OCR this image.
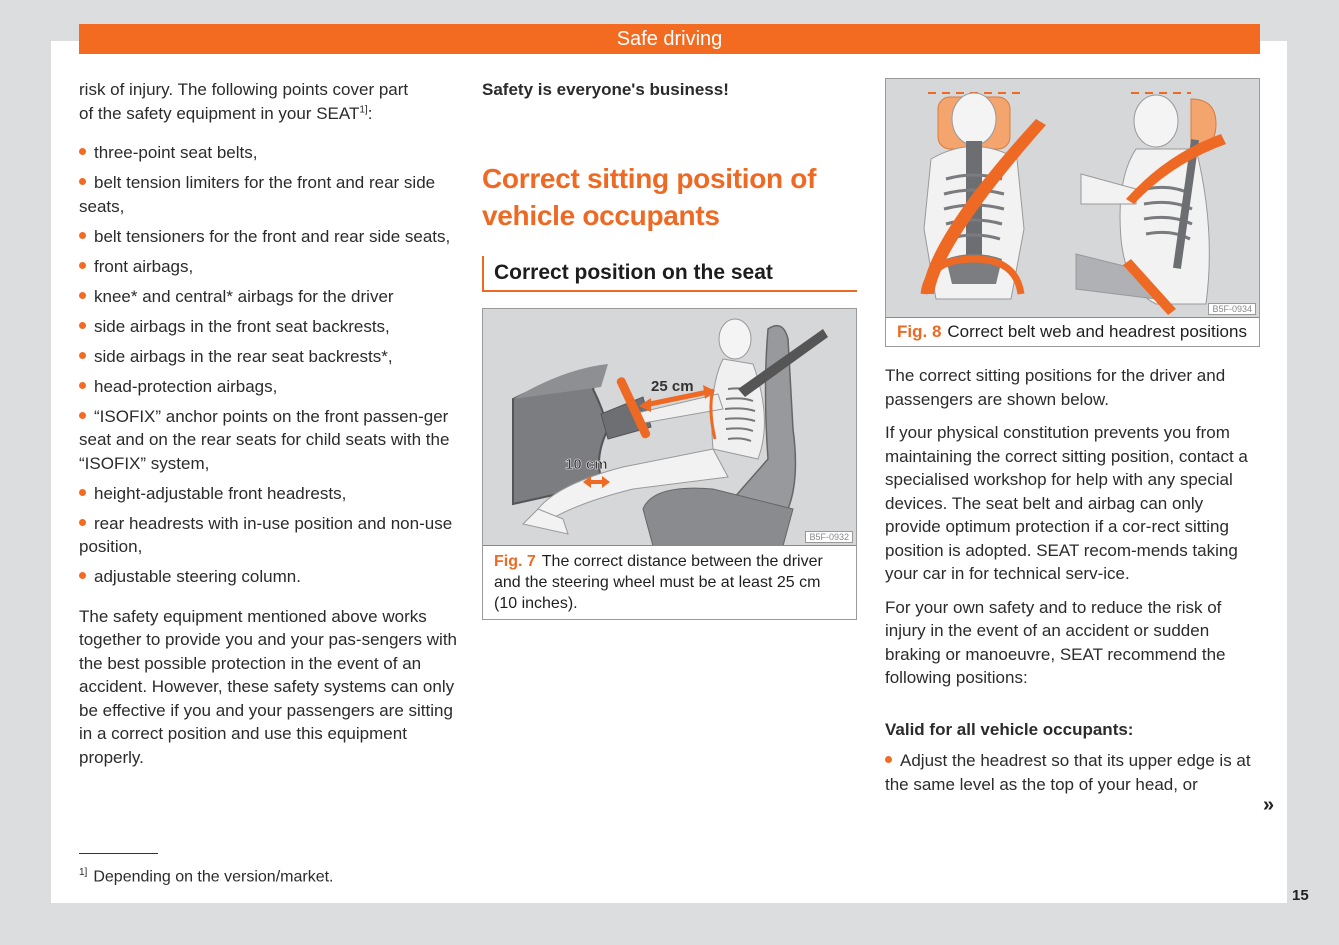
Safe driving

risk of injury. The following points cover part
of the safety equipment in your $SEAT^{1]}$:

three-point seat belts,
belt tension limiters for the front and rear side seats,
belt tensioners for the front and rear side seats,
front airbags,
knee* and central* airbags for the driver
side airbags in the front seat backrests,
side airbags in the rear seat backrests*,
head-protection airbags,
“ISOFIX” anchor points on the front passen-ger seat and on the rear seats for child seats with the “ISOFIX” system,
height-adjustable front headrests,
rear headrests with in-use position and non-use position,
adjustable steering column.

The safety equipment mentioned above works together to provide you and your pas-sengers with the best possible protection in the event of an accident. However, these safety systems can only be effective if you and your passengers are sitting in a correct position and use this equipment properly.

Safety is everyone's business!

Correct sitting position of vehicle occupants
Correct position on the seat
25 cm
10 cm
B5F-0932
Fig. 7 The correct distance between the driver and the steering wheel must be at least 25 cm (10 inches).
B5F-0934
Fig. 8 Correct belt web and headrest positions

The correct sitting positions for the driver and passengers are shown below.

If your physical constitution prevents you from maintaining the correct sitting position, contact a specialised workshop for help with any special devices. The seat belt and airbag can only provide optimum protection if a cor-rect sitting position is adopted. SEAT recom-mends taking your car in for technical serv-ice.

For your own safety and to reduce the risk of injury in the event of an accident or sudden braking or manoeuvre, SEAT recommend the following positions:

Valid for all vehicle occupants:

Adjust the headrest so that its upper edge is at the same level as the top of your head, or
»
$^{1]}$ Depending on the version/market.
15
